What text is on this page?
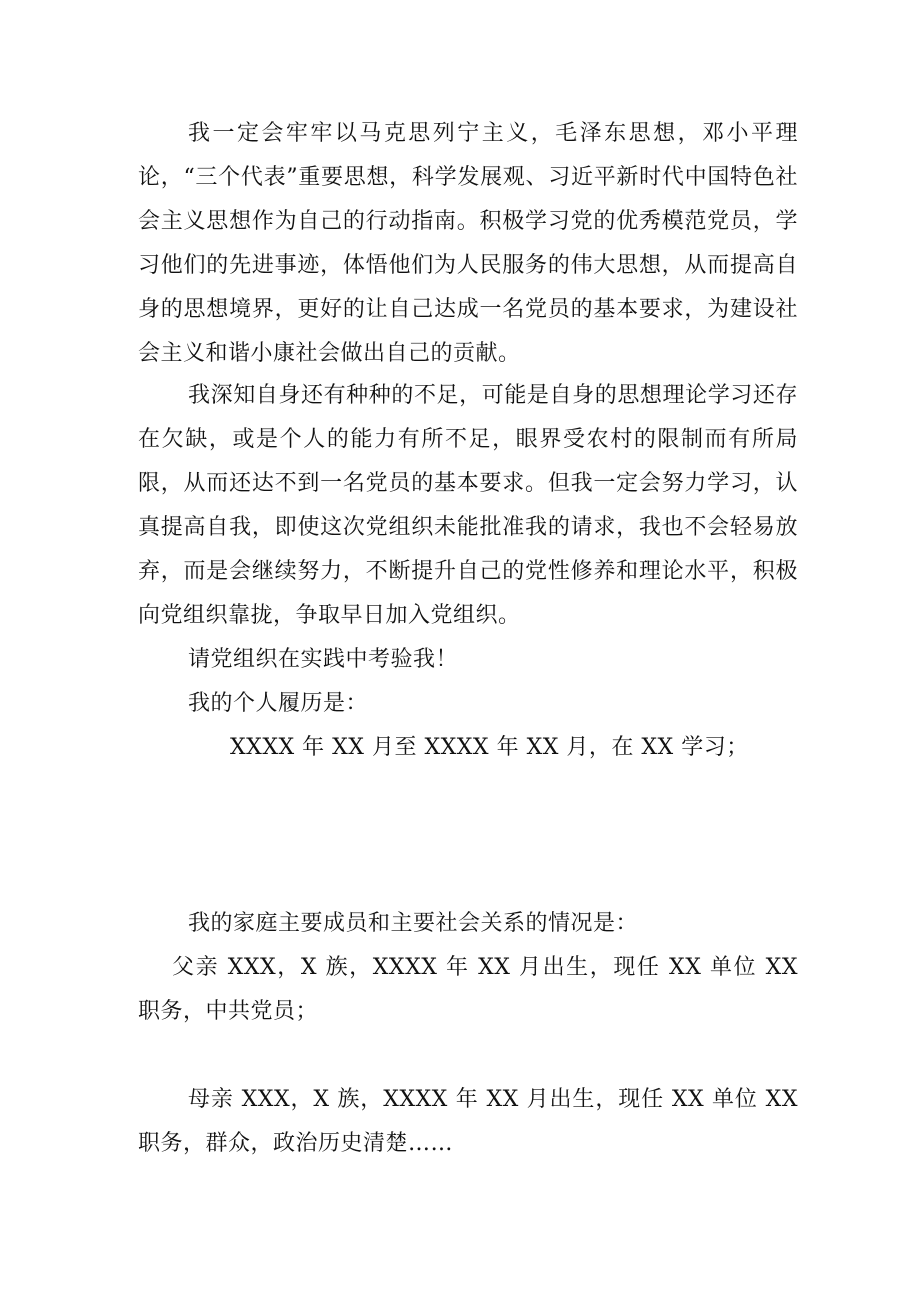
我一定会牢牢以马克思列宁主义，毛泽东思想，邓小平理论，“三个代表”重要思想，科学发展观、习近平新时代中国特色社会主义思想作为自己的行动指南。积极学习党的优秀模范党员，学习他们的先进事迹，体悟他们为人民服务的伟大思想，从而提高自身的思想境界，更好的让自己达成一名党员的基本要求，为建设社会主义和谐小康社会做出自己的贡献。

我深知自身还有种种的不足，可能是自身的思想理论学习还存在欠缺，或是个人的能力有所不足，眼界受农村的限制而有所局限，从而还达不到一名党员的基本要求。但我一定会努力学习，认真提高自我，即使这次党组织未能批准我的请求，我也不会轻易放弃，而是会继续努力，不断提升自己的党性修养和理论水平，积极向党组织靠拢，争取早日加入党组织。

请党组织在实践中考验我！

我的个人履历是：

XXXX 年 XX 月至 XXXX 年 XX 月，在 XX 学习；

我的家庭主要成员和主要社会关系的情况是：

父亲 XXX，X 族，XXXX 年 XX 月出生，现任 XX 单位 XX 职务，中共党员；

母亲 XXX，X 族，XXXX 年 XX 月出生，现任 XX 单位 XX 职务，群众，政治历史清楚……
